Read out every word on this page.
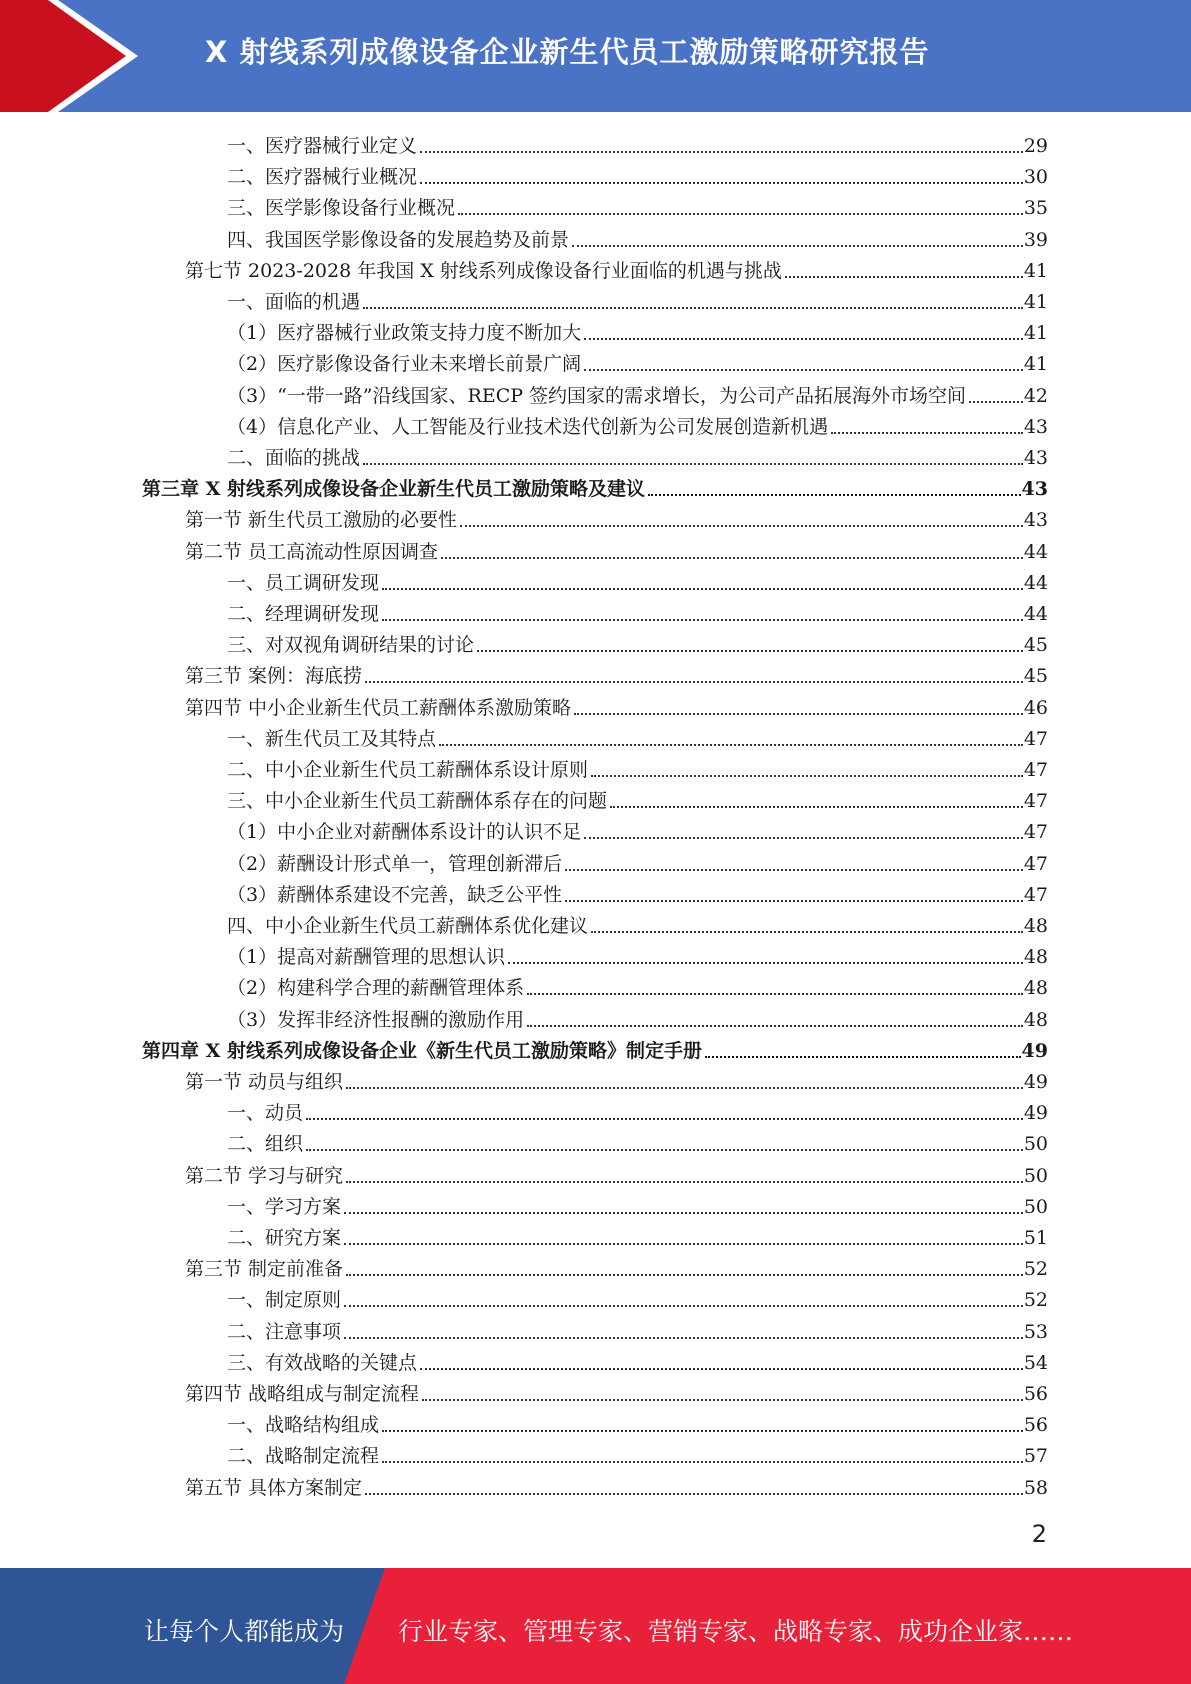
X 射线系列成像设备企业新生代员工激励策略研究报告
一、医疗器械行业定义	29
二、医疗器械行业概况	30
三、医学影像设备行业概况	35
四、我国医学影像设备的发展趋势及前景	39
第七节 2023-2028 年我国 X 射线系列成像设备行业面临的机遇与挑战	41
一、面临的机遇	41
（1）医疗器械行业政策支持力度不断加大	41
（2）医疗影像设备行业未来增长前景广阔	41
（3）“一带一路”沿线国家、RECP 签约国家的需求增长，为公司产品拓展海外市场空间	42
（4）信息化产业、人工智能及行业技术迭代创新为公司发展创造新机遇	43
二、面临的挑战	43
第三章 X 射线系列成像设备企业新生代员工激励策略及建议	43
第一节 新生代员工激励的必要性	43
第二节 员工高流动性原因调查	44
一、员工调研发现	44
二、经理调研发现	44
三、对双视角调研结果的讨论	45
第三节 案例：海底捞	45
第四节 中小企业新生代员工薪酬体系激励策略	46
一、新生代员工及其特点	47
二、中小企业新生代员工薪酬体系设计原则	47
三、中小企业新生代员工薪酬体系存在的问题	47
（1）中小企业对薪酬体系设计的认识不足	47
（2）薪酬设计形式单一，管理创新滞后	47
（3）薪酬体系建设不完善，缺乏公平性	47
四、中小企业新生代员工薪酬体系优化建议	48
（1）提高对薪酬管理的思想认识	48
（2）构建科学合理的薪酬管理体系	48
（3）发挥非经济性报酬的激励作用	48
第四章 X 射线系列成像设备企业《新生代员工激励策略》制定手册	49
第一节 动员与组织	49
一、动员	49
二、组织	50
第二节 学习与研究	50
一、学习方案	50
二、研究方案	51
第三节 制定前准备	52
一、制定原则	52
二、注意事项	53
三、有效战略的关键点	54
第四节 战略组成与制定流程	56
一、战略结构组成	56
二、战略制定流程	57
第五节 具体方案制定	58
2
让每个人都能成为 行业专家、管理专家、营销专家、战略专家、成功企业家……
